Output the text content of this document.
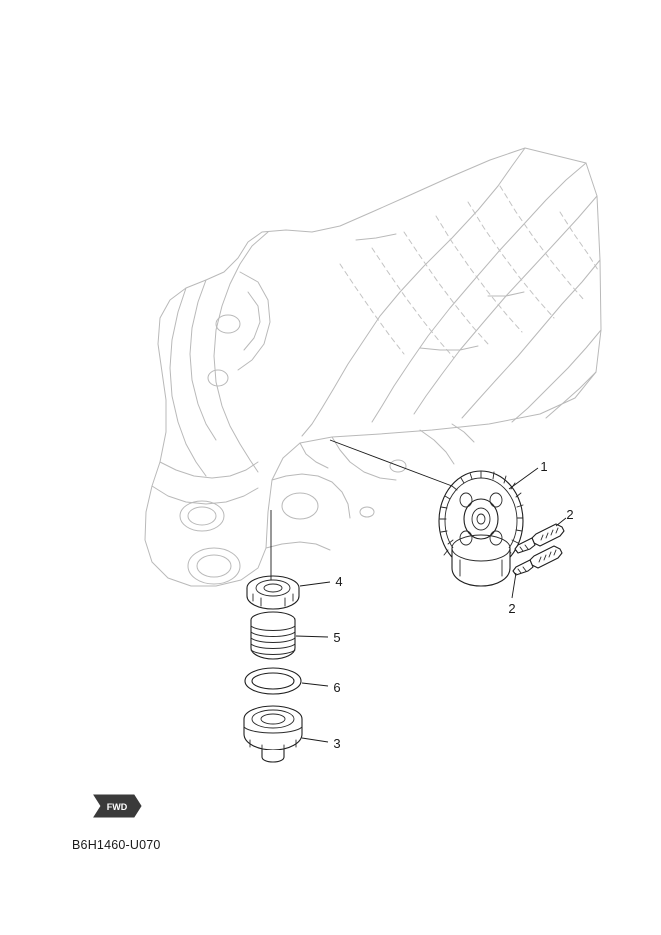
1
2
2
3
4
5
6
FWD
B6H1460-U070
